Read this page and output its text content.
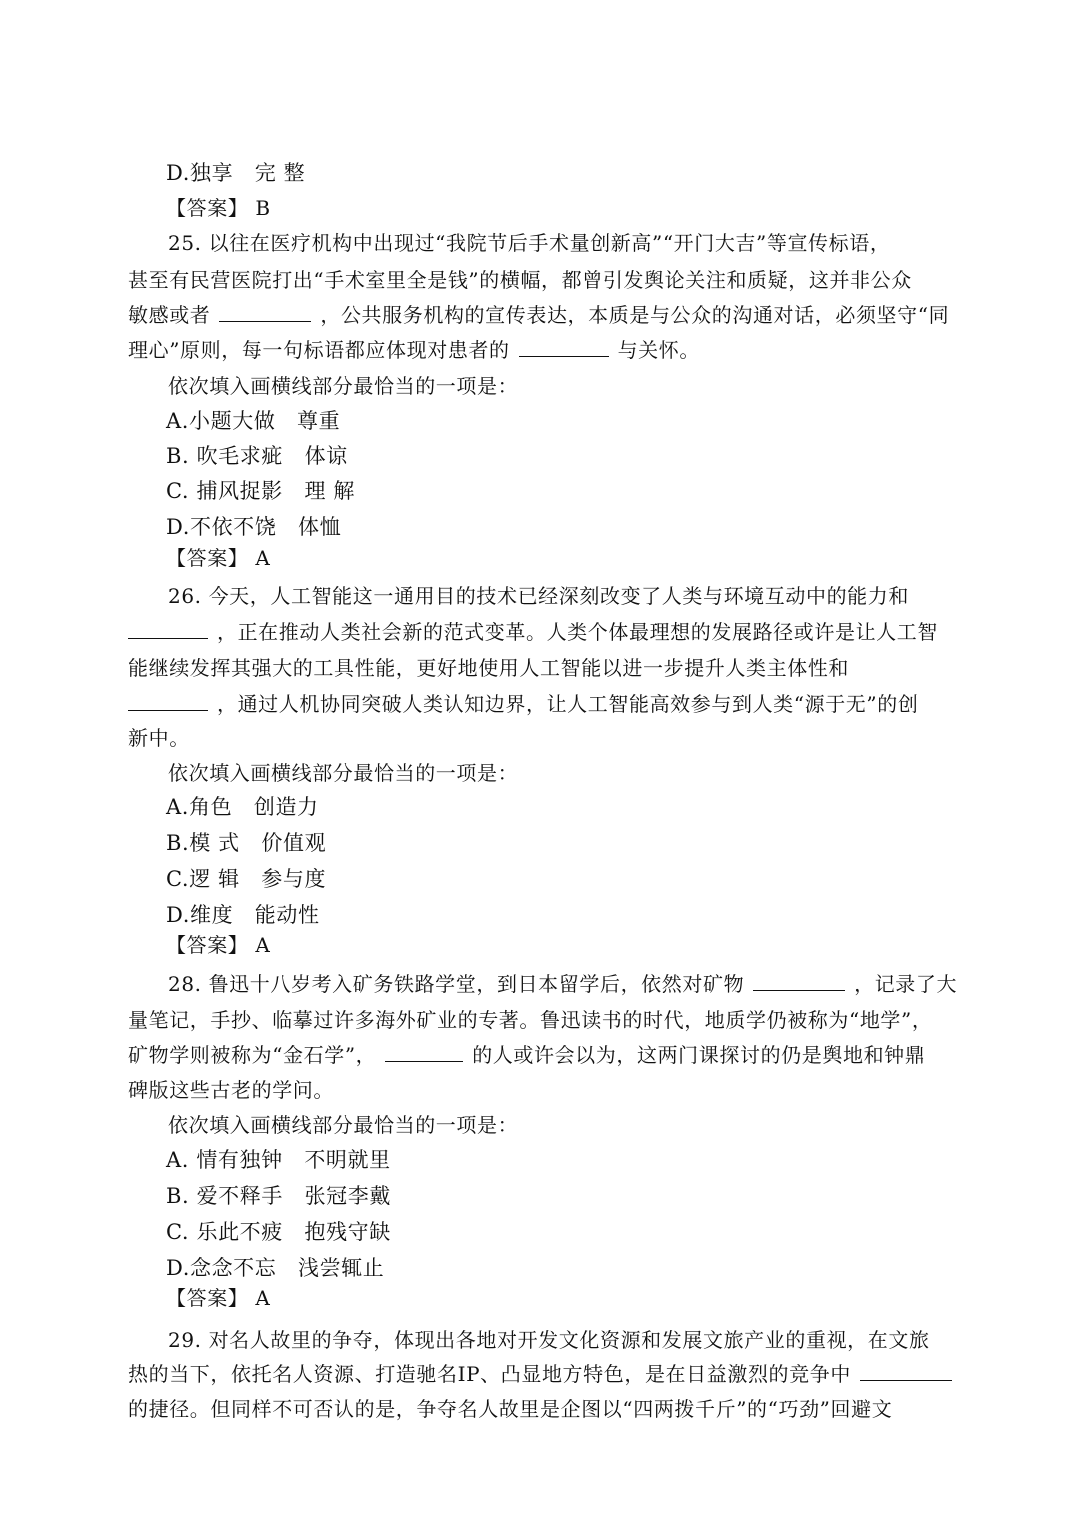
D.独享　完 整
【答案】 B
25. 以往在医疗机构中出现过“我院节后手术量创新高”“开门大吉”等宣传标语，
甚至有民营医院打出“手术室里全是钱”的横幅，都曾引发舆论关注和质疑，这并非公众
敏感或者	，公共服务机构的宣传表达，本质是与公众的沟通对话，必须坚守“同
理心”原则，每一句标语都应体现对患者的	与关怀。
依次填入画横线部分最恰当的一项是：
A.小题大做　尊重
B. 吹毛求疵　体谅
C. 捕风捉影　理 解
D.不依不饶　体恤
【答案】 A
26. 今天，人工智能这一通用目的技术已经深刻改变了人类与环境互动中的能力和
，正在推动人类社会新的范式变革。人类个体最理想的发展路径或许是让人工智
能继续发挥其强大的工具性能，更好地使用人工智能以进一步提升人类主体性和
，通过人机协同突破人类认知边界，让人工智能高效参与到人类“源于无”的创
新中。
依次填入画横线部分最恰当的一项是：
A.角色　创造力
B.模 式　价值观
C.逻 辑　参与度
D.维度　能动性
【答案】 A
28. 鲁迅十八岁考入矿务铁路学堂，到日本留学后，依然对矿物	，记录了大
量笔记，手抄、临摹过许多海外矿业的专著。鲁迅读书的时代，地质学仍被称为“地学”，
矿物学则被称为“金石学”，	的人或许会以为，这两门课探讨的仍是舆地和钟鼎
碑版这些古老的学问。
依次填入画横线部分最恰当的一项是：
A. 情有独钟　不明就里
B. 爱不释手　张冠李戴
C. 乐此不疲　抱残守缺
D.念念不忘　浅尝辄止
【答案】 A
29. 对名人故里的争夺，体现出各地对开发文化资源和发展文旅产业的重视，在文旅
热的当下，依托名人资源、打造驰名IP、凸显地方特色，是在日益激烈的竞争中
的捷径。但同样不可否认的是，争夺名人故里是企图以“四两拨千斤”的“巧劲”回避文
